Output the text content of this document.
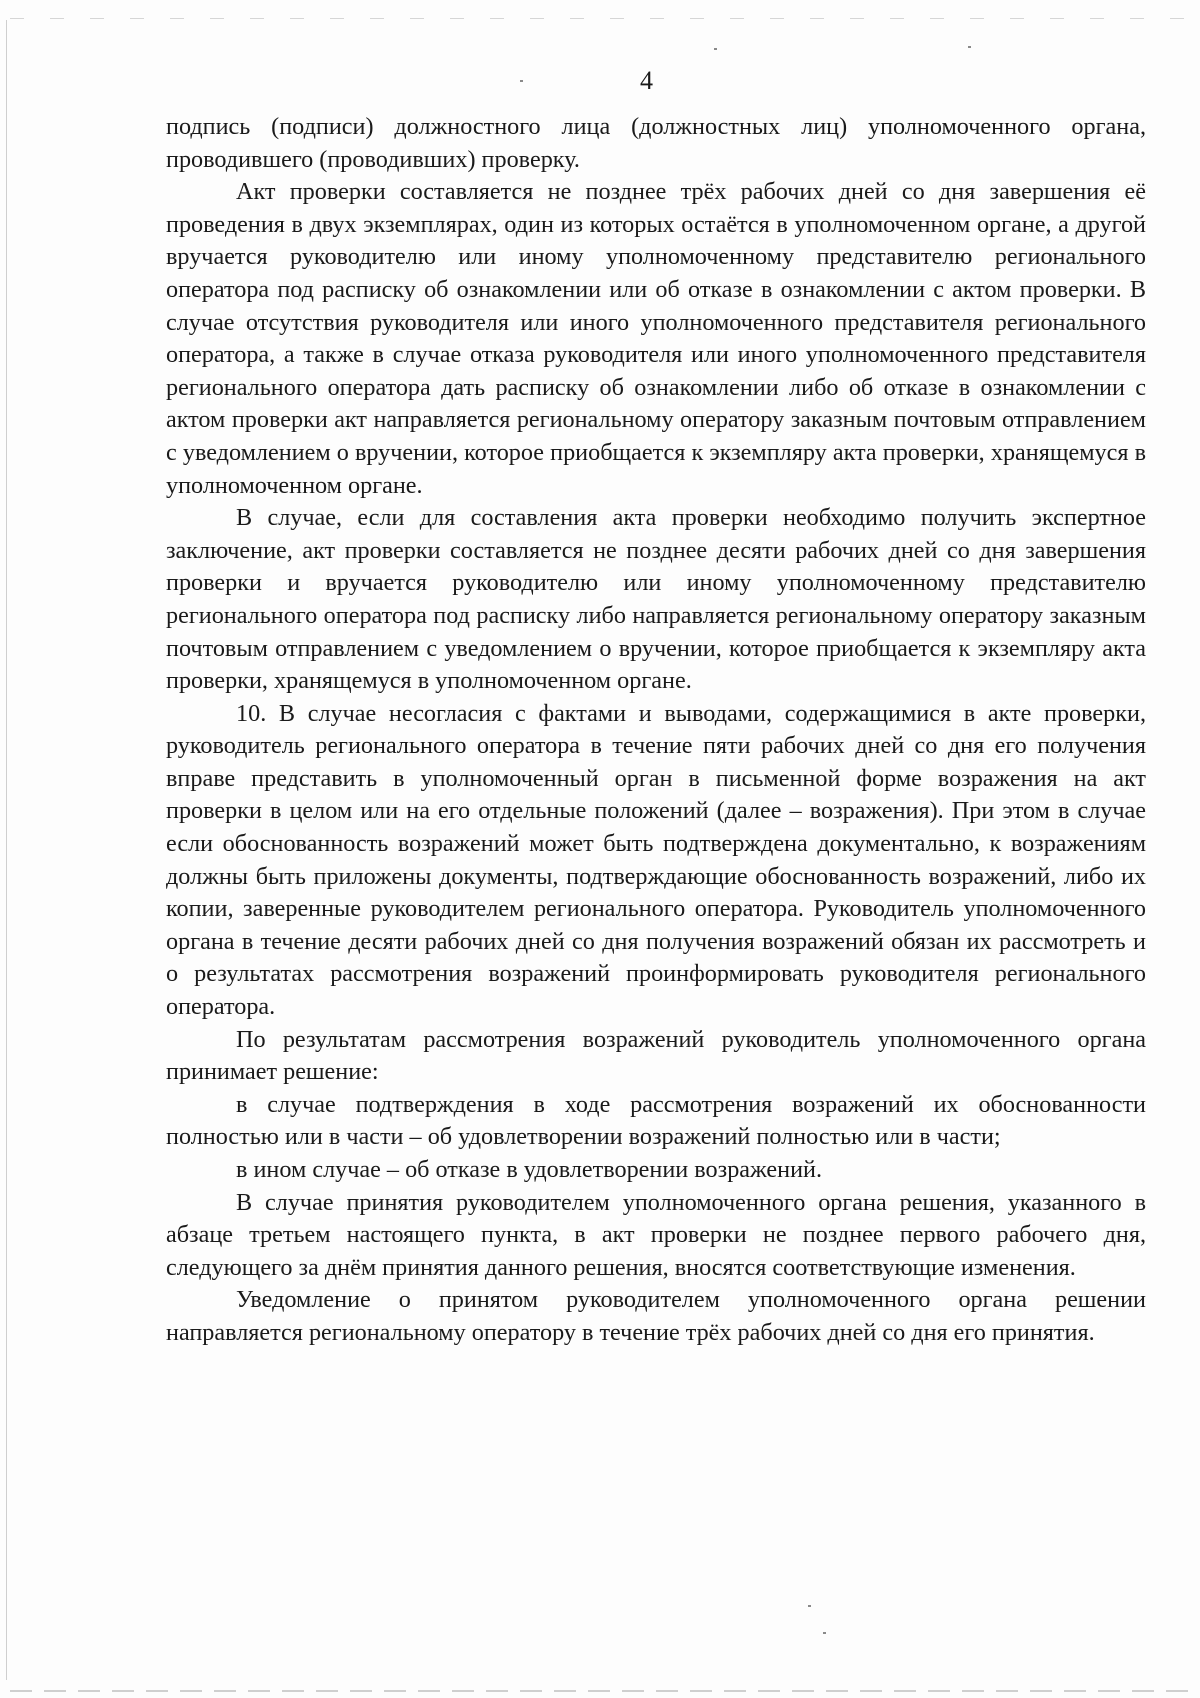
4

подпись (подписи) должностного лица (должностных лиц) уполномоченного органа, проводившего (проводивших) проверку.

Акт проверки составляется не позднее трёх рабочих дней со дня завершения её проведения в двух экземплярах, один из которых остаётся в уполномоченном органе, а другой вручается руководителю или иному уполномоченному представителю регионального оператора под расписку об ознакомлении или об отказе в ознакомлении с актом проверки. В случае отсутствия руководителя или иного уполномоченного представителя регионального оператора, а также в случае отказа руководителя или иного уполномоченного представителя регионального оператора дать расписку об ознакомлении либо об отказе в ознакомлении с актом проверки акт направляется региональному оператору заказным почтовым отправлением с уведомлением о вручении, которое приобщается к экземпляру акта проверки, хранящемуся в уполномоченном органе.

В случае, если для составления акта проверки необходимо получить экспертное заключение, акт проверки составляется не позднее десяти рабочих дней со дня завершения проверки и вручается руководителю или иному уполномоченному представителю регионального оператора под расписку либо направляется региональному оператору заказным почтовым отправлением с уведомлением о вручении, которое приобщается к экземпляру акта проверки, хранящемуся в уполномоченном органе.

10. В случае несогласия с фактами и выводами, содержащимися в акте проверки, руководитель регионального оператора в течение пяти рабочих дней со дня его получения вправе представить в уполномоченный орган в письменной форме возражения на акт проверки в целом или на его отдельные положений (далее – возражения). При этом в случае если обоснованность возражений может быть подтверждена документально, к возражениям должны быть приложены документы, подтверждающие обоснованность возражений, либо их копии, заверенные руководителем регионального оператора. Руководитель уполномоченного органа в течение десяти рабочих дней со дня получения возражений обязан их рассмотреть и о результатах рассмотрения возражений проинформировать руководителя регионального оператора.

По результатам рассмотрения возражений руководитель уполномоченного органа принимает решение:

в случае подтверждения в ходе рассмотрения возражений их обоснованности полностью или в части – об удовлетворении возражений полностью или в части;

в ином случае – об отказе в удовлетворении возражений.

В случае принятия руководителем уполномоченного органа решения, указанного в абзаце третьем настоящего пункта, в акт проверки не позднее первого рабочего дня, следующего за днём принятия данного решения, вносятся соответствующие изменения.

Уведомление о принятом руководителем уполномоченного органа решении направляется региональному оператору в течение трёх рабочих дней со дня его принятия.
